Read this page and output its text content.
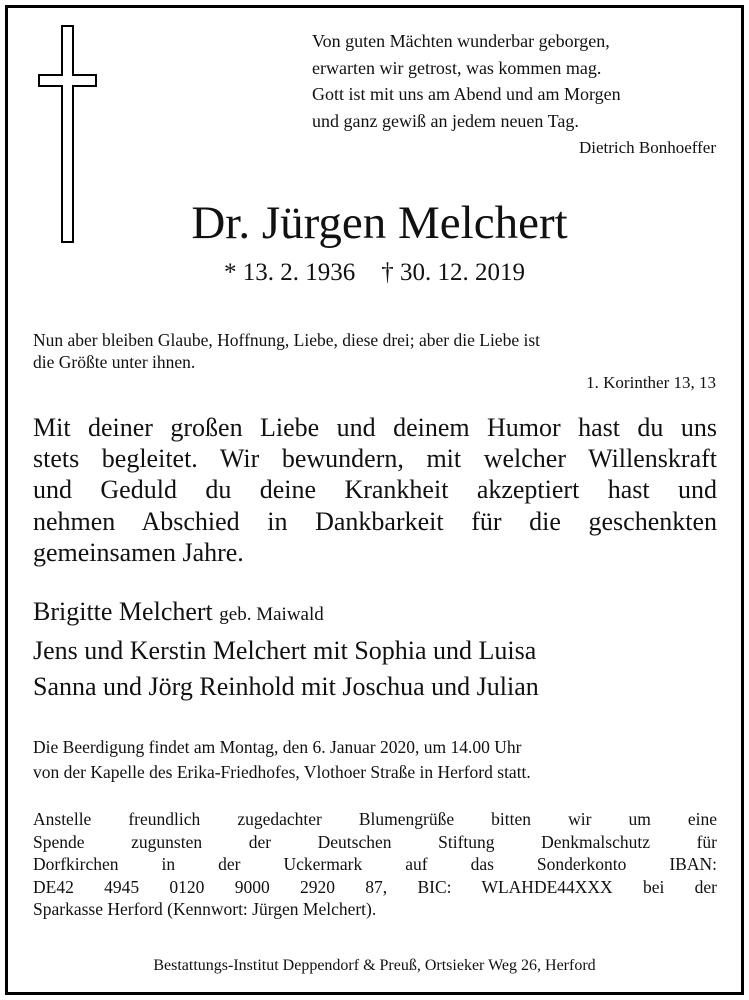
Von guten Mächten wunderbar geborgen,
erwarten wir getrost, was kommen mag.
Gott ist mit uns am Abend und am Morgen
und ganz gewiß an jedem neuen Tag.
Dietrich Bonhoeffer
Dr. Jürgen Melchert
* 13. 2. 1936 † 30. 12. 2019
Nun aber bleiben Glaube, Hoffnung, Liebe, diese drei; aber die Liebe ist
die Größte unter ihnen.
1. Korinther 13, 13
Mit deiner großen Liebe und deinem Humor hast du uns
stets begleitet. Wir bewundern, mit welcher Willenskraft
und Geduld du deine Krankheit akzeptiert hast und
nehmen Abschied in Dankbarkeit für die geschenkten
gemeinsamen Jahre.
Brigitte Melchert geb. Maiwald
Jens und Kerstin Melchert mit Sophia und Luisa
Sanna und Jörg Reinhold mit Joschua und Julian
Die Beerdigung findet am Montag, den 6. Januar 2020, um 14.00 Uhr
von der Kapelle des Erika-Friedhofes, Vlothoer Straße in Herford statt.
Anstelle freundlich zugedachter Blumengrüße bitten wir um eine
Spende zugunsten der Deutschen Stiftung Denkmalschutz für
Dorfkirchen in der Uckermark auf das Sonderkonto IBAN:
DE42 4945 0120 9000 2920 87, BIC: WLAHDE44XXX bei der
Sparkasse Herford (Kennwort: Jürgen Melchert).
Bestattungs-Institut Deppendorf & Preuß, Ortsieker Weg 26, Herford
